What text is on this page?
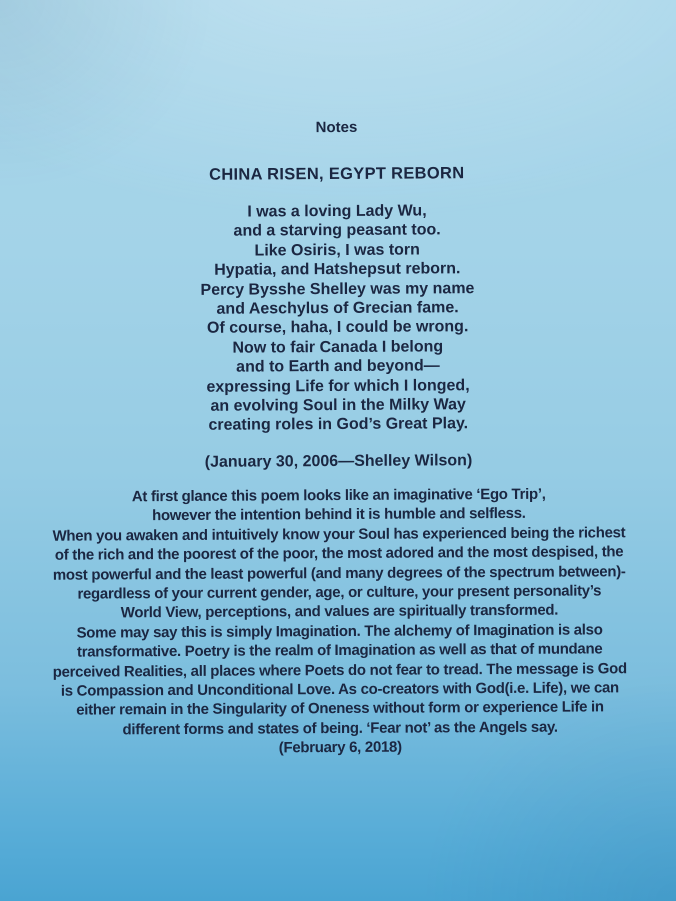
Notes
CHINA RISEN, EGYPT REBORN
I was a loving Lady Wu,
and a starving peasant too.
Like Osiris, I was torn
Hypatia, and Hatshepsut reborn.
Percy Bysshe Shelley was my name
and Aeschylus of Grecian fame.
Of course, haha, I could be wrong.
Now to fair Canada I belong
and to Earth and beyond—
expressing Life for which I longed,
an evolving Soul in the Milky Way
creating roles in God’s Great Play.
(January 30, 2006—Shelley Wilson)
At first glance this poem looks like an imaginative ‘Ego Trip’,
however the intention behind it is humble and selfless.
When you awaken and intuitively know your Soul has experienced being the richest
of the rich and the poorest of the poor, the most adored and the most despised, the
most powerful and the least powerful (and many degrees of the spectrum between)-
regardless of your current gender, age, or culture, your present personality’s
World View, perceptions, and values are spiritually transformed.
Some may say this is simply Imagination. The alchemy of Imagination is also
transformative. Poetry is the realm of Imagination as well as that of mundane
perceived Realities, all places where Poets do not fear to tread. The message is God
is Compassion and Unconditional Love. As co-creators with God(i.e. Life), we can
either remain in the Singularity of Oneness without form or experience Life in
different forms and states of being. ‘Fear not’ as the Angels say.
(February 6, 2018)
